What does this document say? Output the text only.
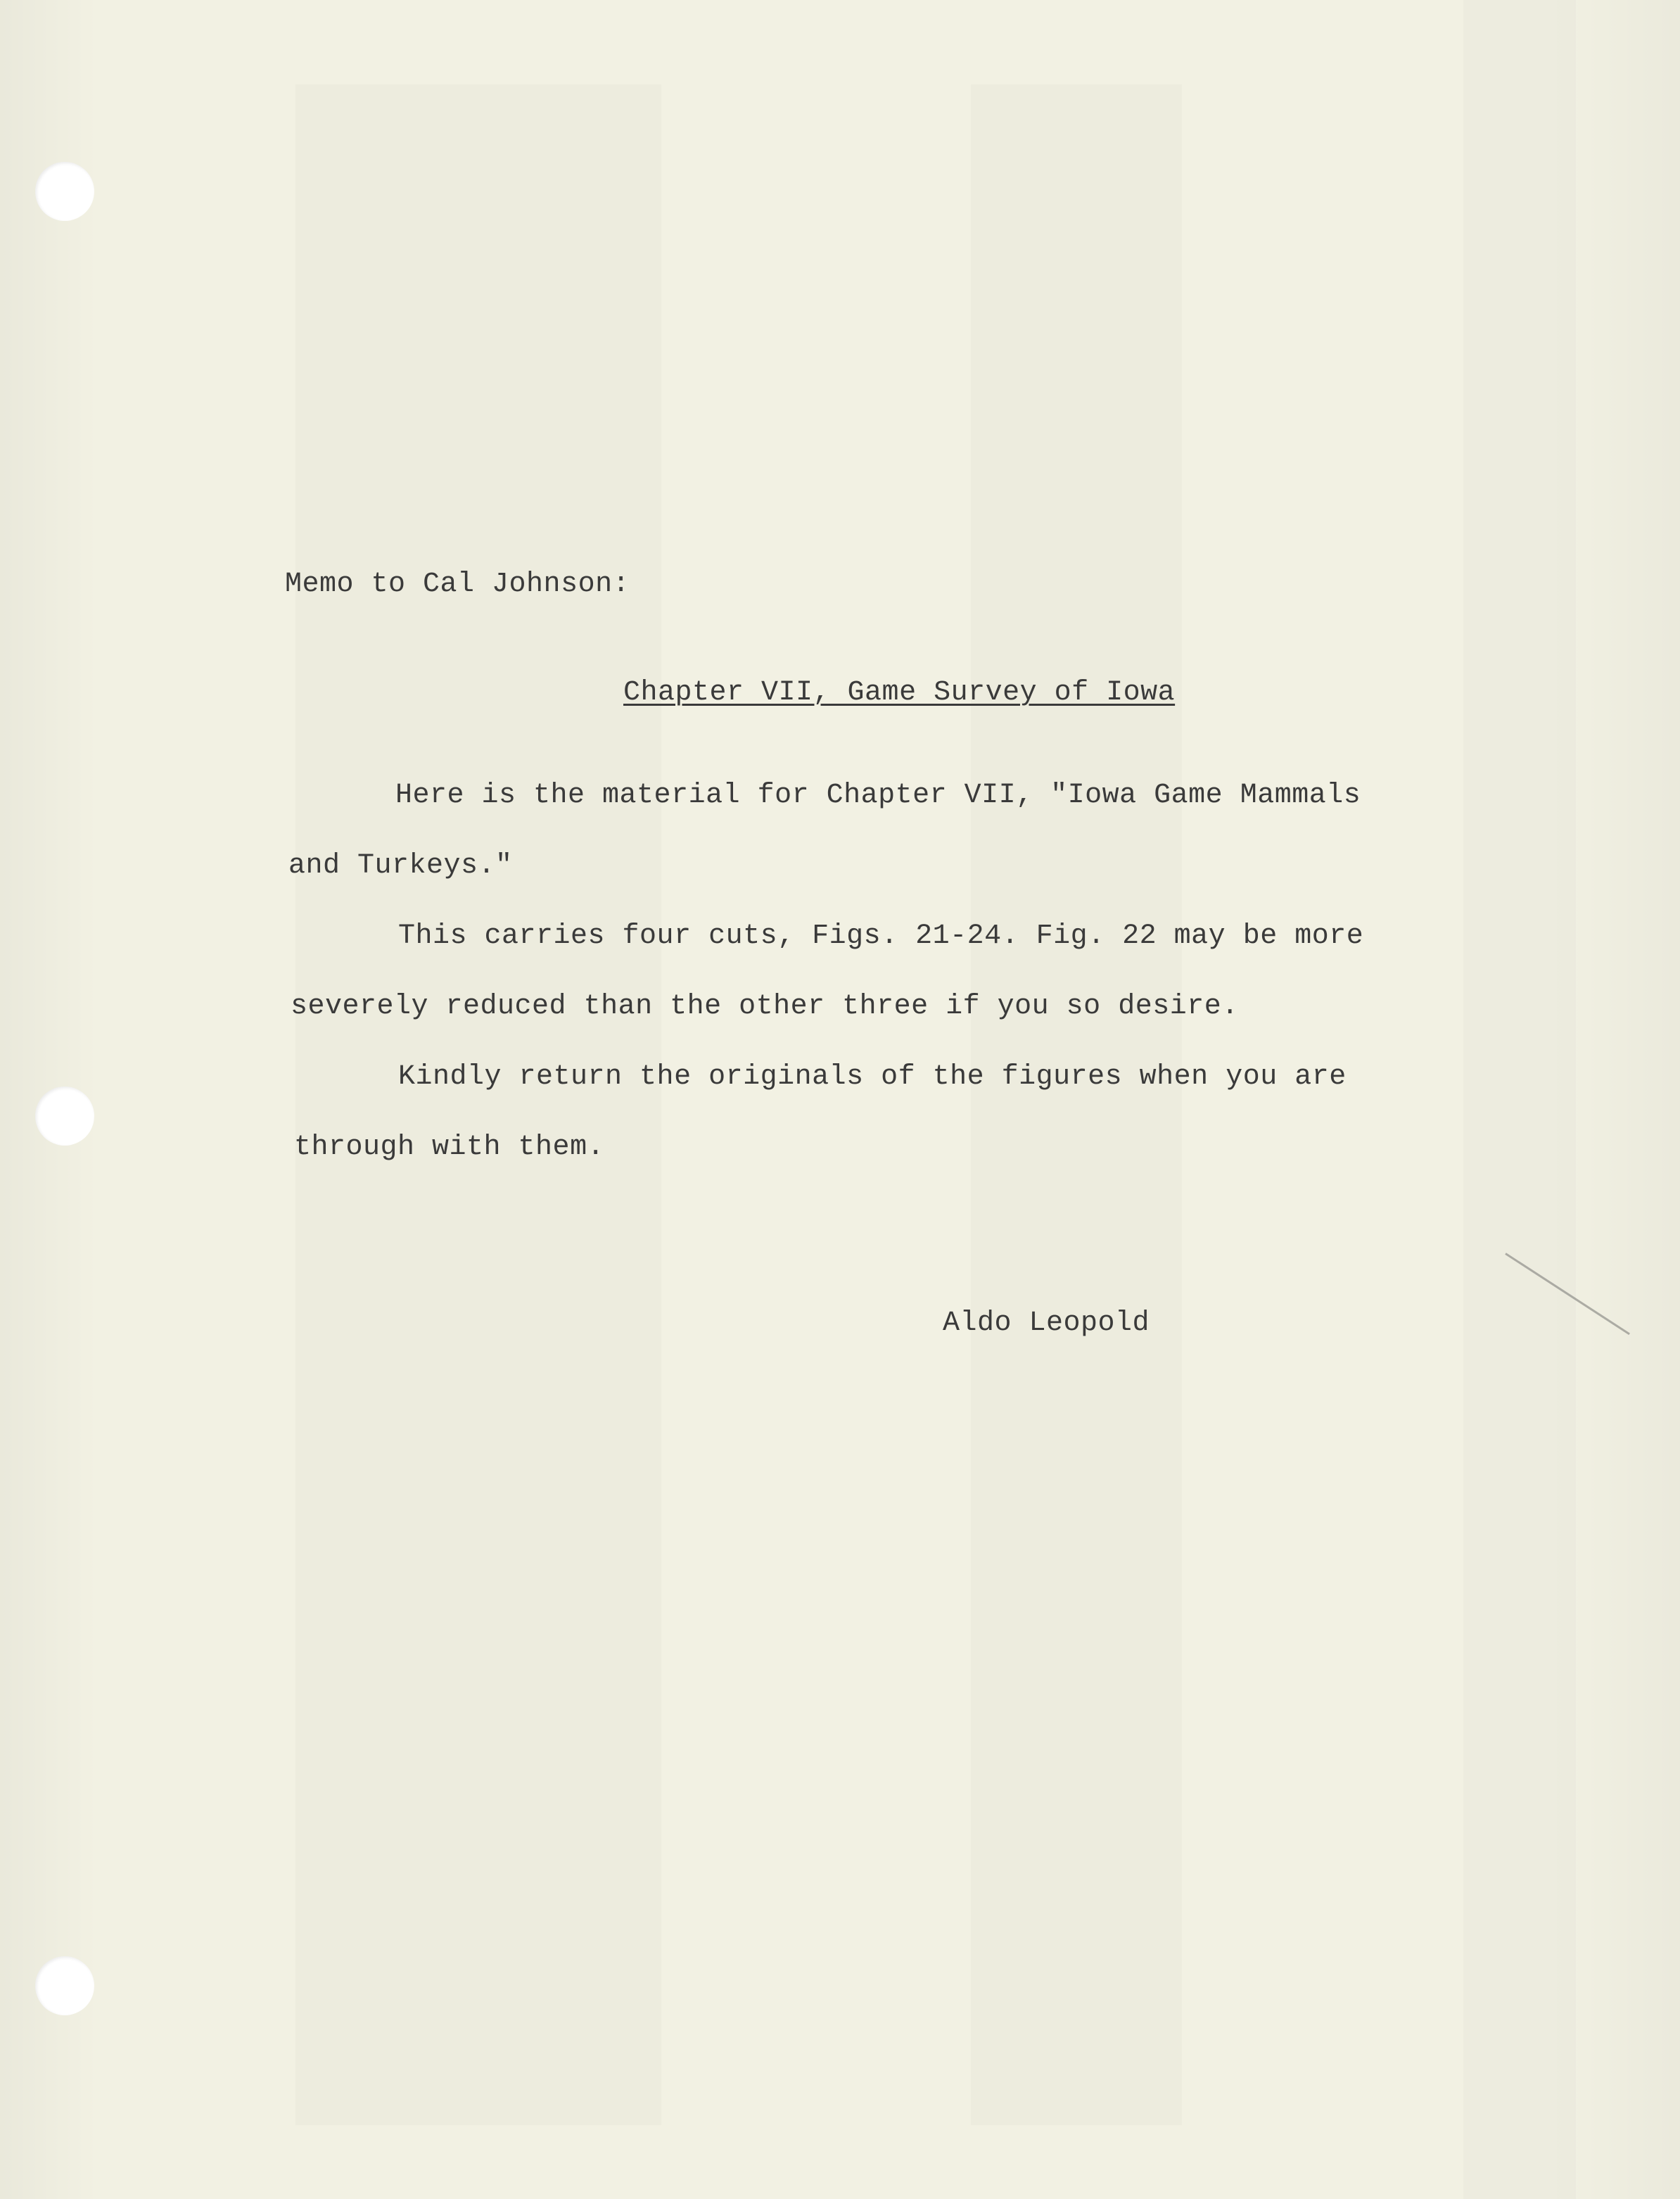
Memo to Cal Johnson:
Chapter VII, Game Survey of Iowa
Here is the material for Chapter VII, "Iowa Game Mammals
and Turkeys."
This carries four cuts, Figs. 21-24. Fig. 22 may be more
severely reduced than the other three if you so desire.
Kindly return the originals of the figures when you are
through with them.
Aldo Leopold
